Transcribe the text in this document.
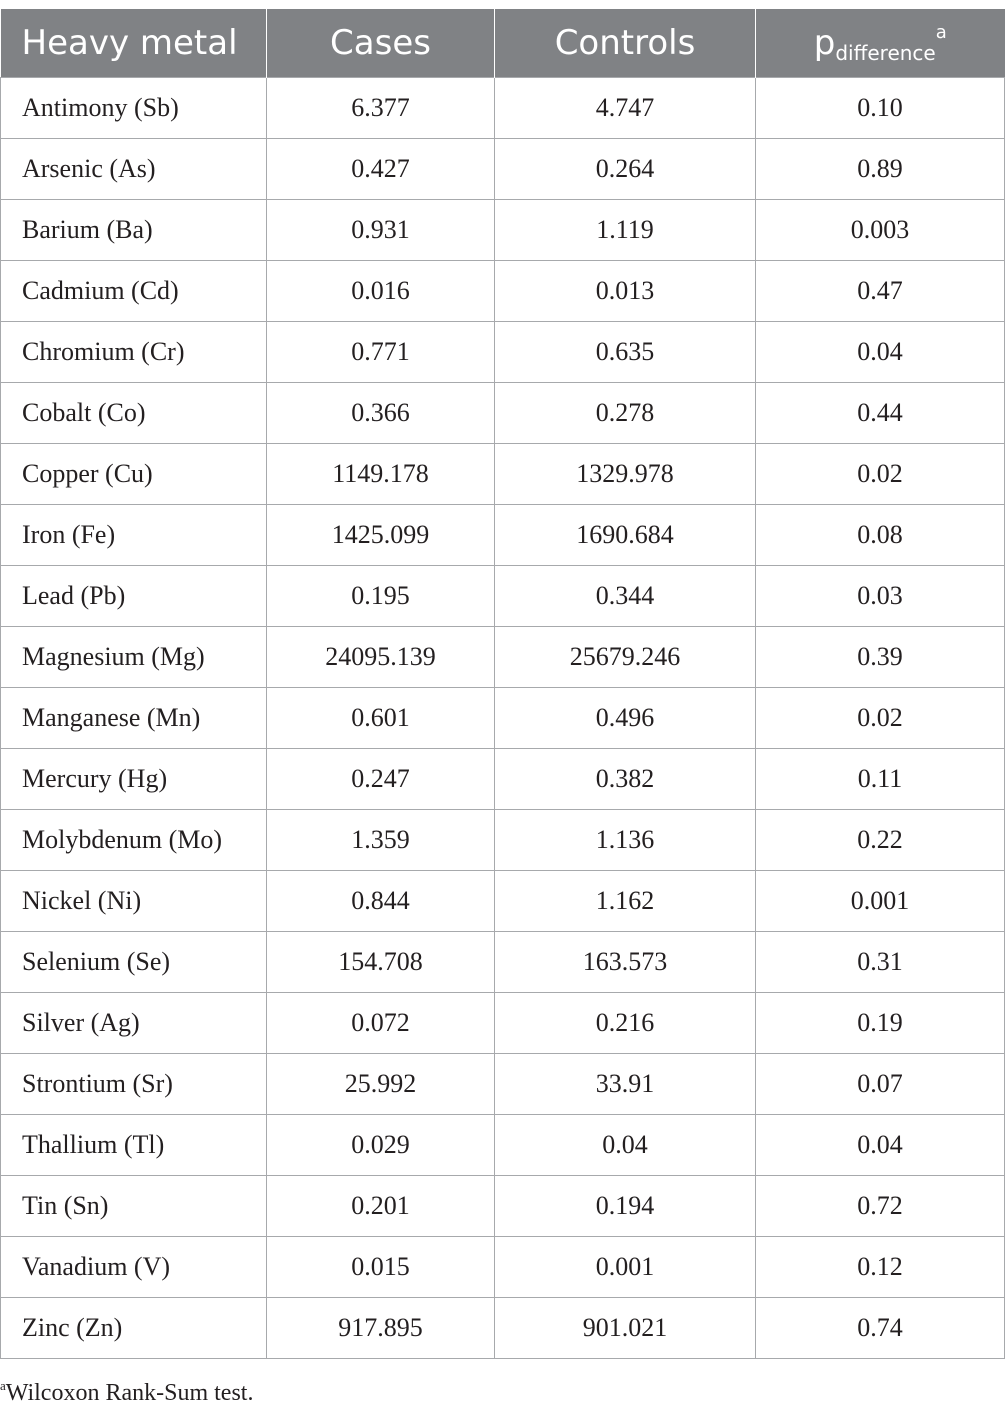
Heavy metal	Cases	Controls	pdifference$^a$
Antimony (Sb)	6.377	4.747	0.10
Arsenic (As)	0.427	0.264	0.89
Barium (Ba)	0.931	1.119	0.003
Cadmium (Cd)	0.016	0.013	0.47
Chromium (Cr)	0.771	0.635	0.04
Cobalt (Co)	0.366	0.278	0.44
Copper (Cu)	1149.178	1329.978	0.02
Iron (Fe)	1425.099	1690.684	0.08
Lead (Pb)	0.195	0.344	0.03
Magnesium (Mg)	24095.139	25679.246	0.39
Manganese (Mn)	0.601	0.496	0.02
Mercury (Hg)	0.247	0.382	0.11
Molybdenum (Mo)	1.359	1.136	0.22
Nickel (Ni)	0.844	1.162	0.001
Selenium (Se)	154.708	163.573	0.31
Silver (Ag)	0.072	0.216	0.19
Strontium (Sr)	25.992	33.91	0.07
Thallium (Tl)	0.029	0.04	0.04
Tin (Sn)	0.201	0.194	0.72
Vanadium (V)	0.015	0.001	0.12
Zinc (Zn)	917.895	901.021	0.74
$^a$Wilcoxon Rank-Sum test.
